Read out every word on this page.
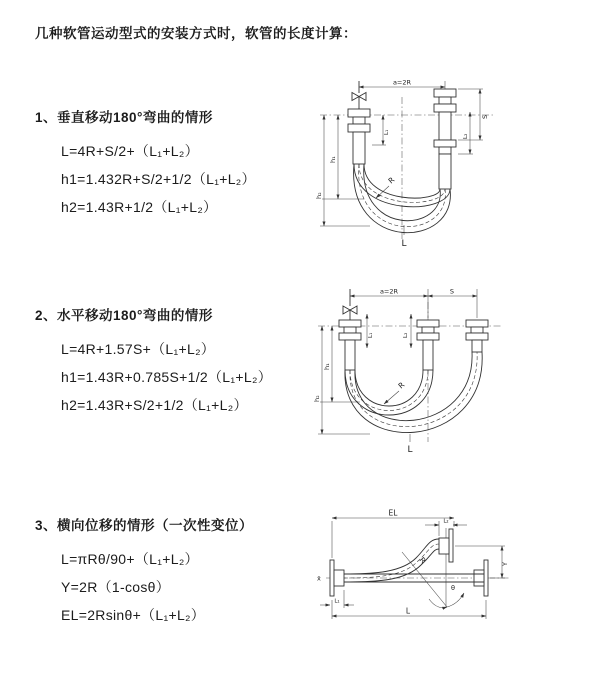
几种软管运动型式的安装方式时，软管的长度计算：
1、垂直移动180°弯曲的情形
L=4R+S/2+（L₁+L₂）
h1=1.432R+S/2+1/2（L₁+L₂）
h2=1.43R+1/2（L₁+L₂）
2、水平移动180°弯曲的情形
L=4R+1.57S+（L₁+L₂）
h1=1.43R+0.785S+1/2（L₁+L₂）
h2=1.43R+S/2+1/2（L₁+L₂）
3、横向位移的情形（一次性变位）
L=πRθ/90+（L₁+L₂）
Y=2R（1-cosθ）
EL=2Rsinθ+（L₁+L₂）
a=2R
S
L₂
L₁
h₁
h₂
R
L
a=2R	S
h₁
h₂
L₁	L₂
R
L
x̄
EL
L₂
L₁
Y
L
θ
R
